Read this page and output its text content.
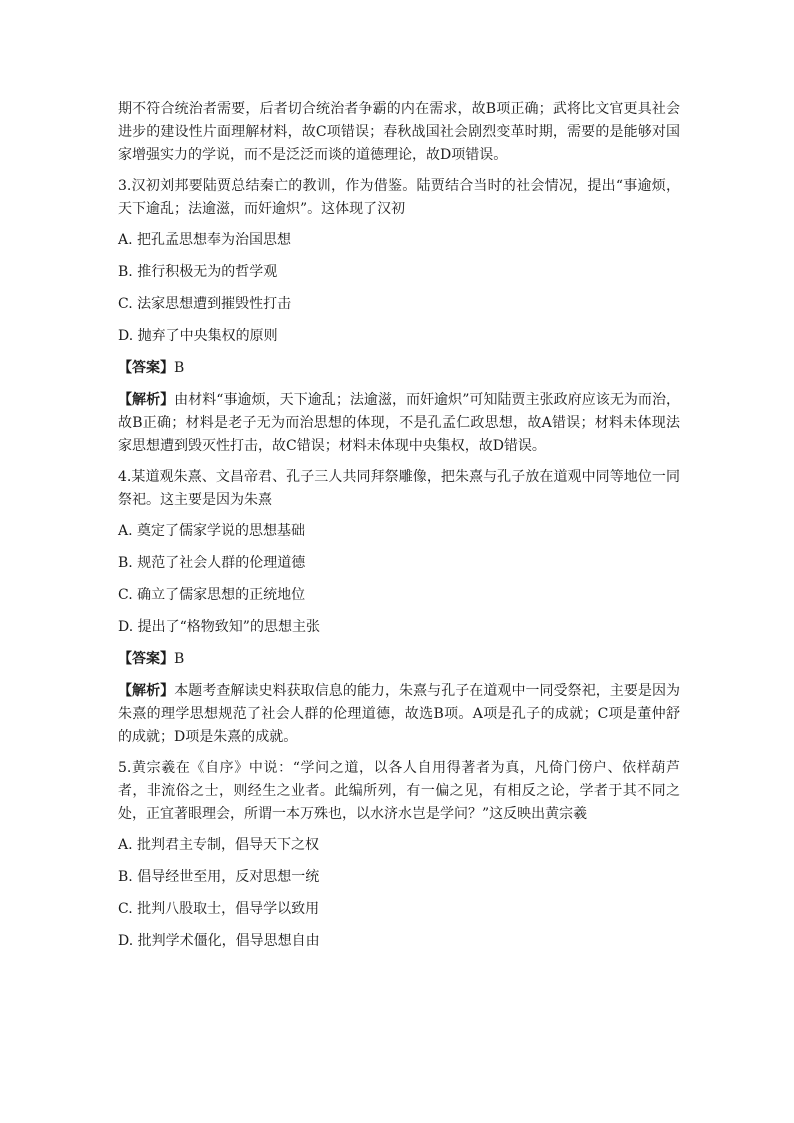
期不符合统治者需要，后者切合统治者争霸的内在需求，故B项正确；武将比文官更具社会进步的建设性片面理解材料，故C项错误；春秋战国社会剧烈变革时期，需要的是能够对国家增强实力的学说，而不是泛泛而谈的道德理论，故D项错误。

3.汉初刘邦要陆贾总结秦亡的教训，作为借鉴。陆贾结合当时的社会情况，提出“事逾烦，天下逾乱；法逾滋，而奸逾炽”。这体现了汉初

A. 把孔孟思想奉为治国思想
B. 推行积极无为的哲学观
C. 法家思想遭到摧毁性打击
D. 抛弃了中央集权的原则
【答案】B

【解析】由材料“事逾烦，天下逾乱；法逾滋，而奸逾炽”可知陆贾主张政府应该无为而治，故B正确；材料是老子无为而治思想的体现，不是孔孟仁政思想，故A错误；材料未体现法家思想遭到毁灭性打击，故C错误；材料未体现中央集权，故D错误。

4.某道观朱熹、文昌帝君、孔子三人共同拜祭雕像，把朱熹与孔子放在道观中同等地位一同祭祀。这主要是因为朱熹

A. 奠定了儒家学说的思想基础
B. 规范了社会人群的伦理道德
C. 确立了儒家思想的正统地位
D. 提出了“格物致知”的思想主张
【答案】B

【解析】本题考查解读史料获取信息的能力，朱熹与孔子在道观中一同受祭祀，主要是因为朱熹的理学思想规范了社会人群的伦理道德，故选B项。A项是孔子的成就；C项是董仲舒的成就；D项是朱熹的成就。

5.黄宗羲在《自序》中说：“学问之道，以各人自用得著者为真，凡倚门傍户、依样葫芦者，非流俗之士，则经生之业者。此编所列，有一偏之见，有相反之论，学者于其不同之处，正宜著眼理会，所谓一本万殊也，以水济水岂是学问？”这反映出黄宗羲

A. 批判君主专制，倡导天下之权
B. 倡导经世至用，反对思想一统
C. 批判八股取士，倡导学以致用
D. 批判学术僵化，倡导思想自由
